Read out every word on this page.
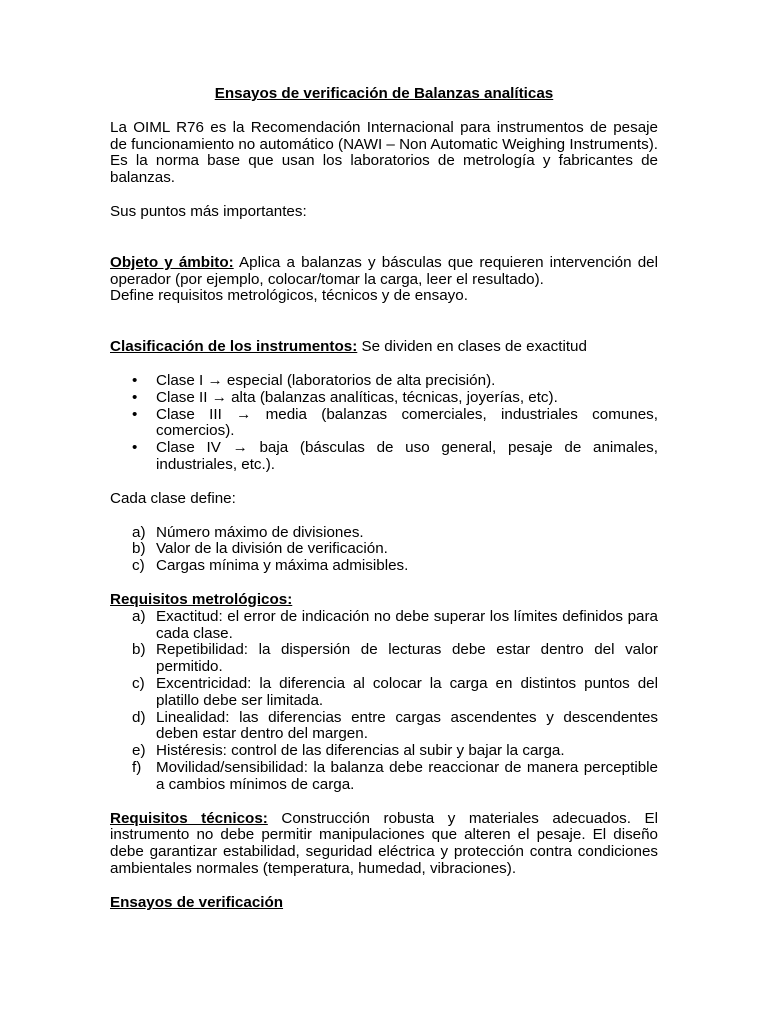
Ensayos de verificación de Balanzas analíticas

La OIML R76 es la Recomendación Internacional para instrumentos de pesaje de funcionamiento no automático (NAWI – Non Automatic Weighing Instruments). Es la norma base que usan los laboratorios de metrología y fabricantes de balanzas.

Sus puntos más importantes:

Objeto y ámbito: Aplica a balanzas y básculas que requieren intervención del operador (por ejemplo, colocar/tomar la carga, leer el resultado).

Define requisitos metrológicos, técnicos y de ensayo.

Clasificación de los instrumentos: Se dividen en clases de exactitud

• Clase I → especial (laboratorios de alta precisión).
• Clase II → alta (balanzas analíticas, técnicas, joyerías, etc).
• Clase III → media (balanzas comerciales, industriales comunes, comercios).
• Clase IV → baja (básculas de uso general, pesaje de animales, industriales, etc.).

Cada clase define:

a) Número máximo de divisiones.
b) Valor de la división de verificación.
c) Cargas mínima y máxima admisibles.

Requisitos metrológicos:

a) Exactitud: el error de indicación no debe superar los límites definidos para cada clase.
b) Repetibilidad: la dispersión de lecturas debe estar dentro del valor permitido.
c) Excentricidad: la diferencia al colocar la carga en distintos puntos del platillo debe ser limitada.
d) Linealidad: las diferencias entre cargas ascendentes y descendentes deben estar dentro del margen.
e) Histéresis: control de las diferencias al subir y bajar la carga.
f) Movilidad/sensibilidad: la balanza debe reaccionar de manera perceptible a cambios mínimos de carga.

Requisitos técnicos: Construcción robusta y materiales adecuados. El instrumento no debe permitir manipulaciones que alteren el pesaje. El diseño debe garantizar estabilidad, seguridad eléctrica y protección contra condiciones ambientales normales (temperatura, humedad, vibraciones).

Ensayos de verificación
